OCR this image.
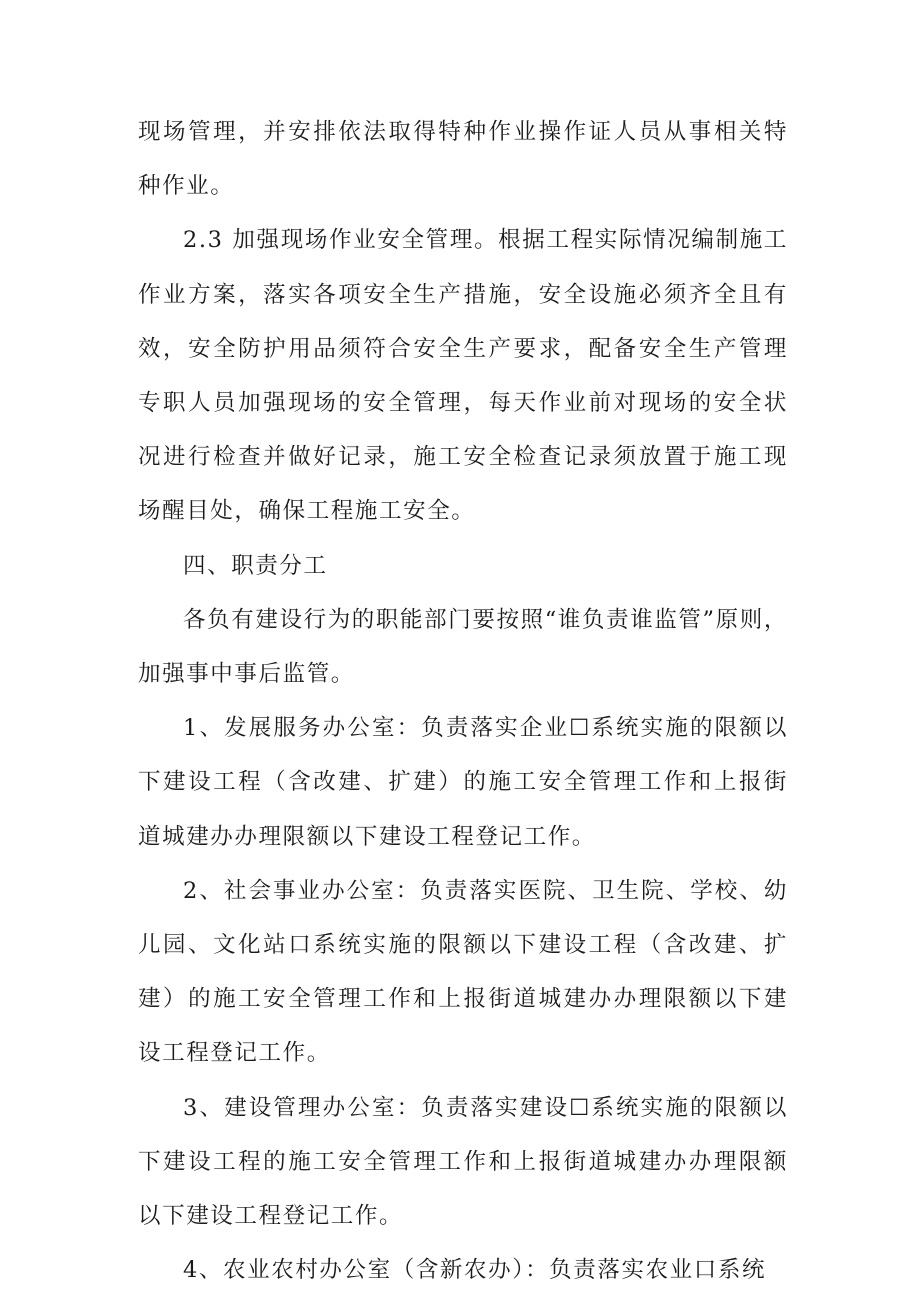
现场管理，并安排依法取得特种作业操作证人员从事相关特种作业。

2.3 加强现场作业安全管理。根据工程实际情况编制施工作业方案，落实各项安全生产措施，安全设施必须齐全且有效，安全防护用品须符合安全生产要求，配备安全生产管理专职人员加强现场的安全管理，每天作业前对现场的安全状况进行检查并做好记录，施工安全检查记录须放置于施工现场醒目处，确保工程施工安全。

四、职责分工

各负有建设行为的职能部门要按照“谁负责谁监管”原则，加强事中事后监管。

1、发展服务办公室：负责落实企业☐系统实施的限额以下建设工程（含改建、扩建）的施工安全管理工作和上报街道城建办办理限额以下建设工程登记工作。

2、社会事业办公室：负责落实医院、卫生院、学校、幼儿园、文化站口系统实施的限额以下建设工程（含改建、扩建）的施工安全管理工作和上报街道城建办办理限额以下建设工程登记工作。

3、建设管理办公室：负责落实建设☐系统实施的限额以下建设工程的施工安全管理工作和上报街道城建办办理限额以下建设工程登记工作。

4、农业农村办公室（含新农办）：负责落实农业口系统
